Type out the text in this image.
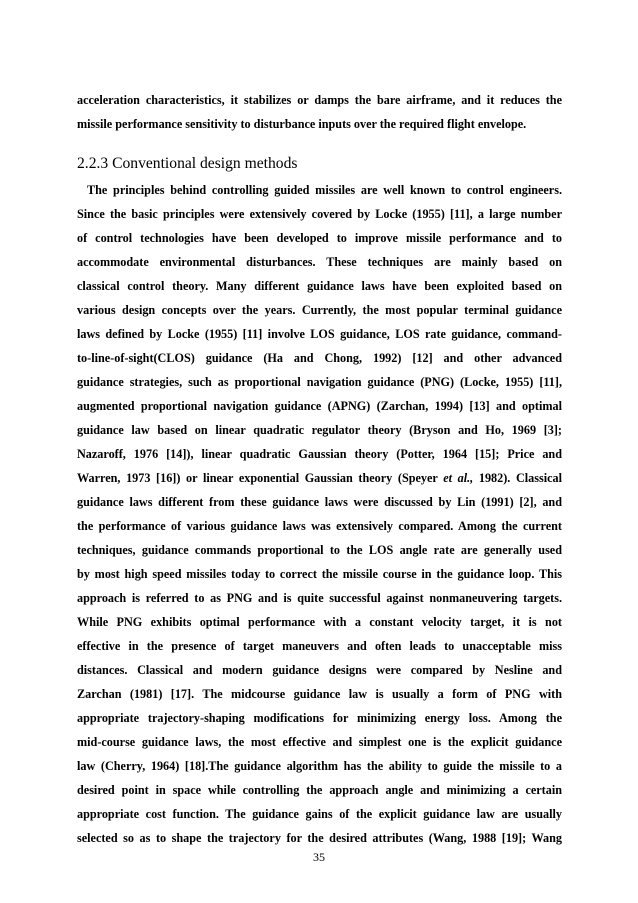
acceleration characteristics, it stabilizes or damps the bare airframe, and it reduces the
missile performance sensitivity to disturbance inputs over the required flight envelope.
2.2.3 Conventional design methods
The principles behind controlling guided missiles are well known to control engineers.
Since the basic principles were extensively covered by Locke (1955) [11], a large number
of control technologies have been developed to improve missile performance and to
accommodate environmental disturbances. These techniques are mainly based on
classical control theory. Many different guidance laws have been exploited based on
various design concepts over the years. Currently, the most popular terminal guidance
laws defined by Locke (1955) [11] involve LOS guidance, LOS rate guidance, command-
to-line-of-sight(CLOS) guidance (Ha and Chong, 1992) [12] and other advanced
guidance strategies, such as proportional navigation guidance (PNG) (Locke, 1955) [11],
augmented proportional navigation guidance (APNG) (Zarchan, 1994) [13] and optimal
guidance law based on linear quadratic regulator theory (Bryson and Ho, 1969 [3];
Nazaroff, 1976 [14]), linear quadratic Gaussian theory (Potter, 1964 [15]; Price and
Warren, 1973 [16]) or linear exponential Gaussian theory (Speyer et al., 1982). Classical
guidance laws different from these guidance laws were discussed by Lin (1991) [2], and
the performance of various guidance laws was extensively compared. Among the current
techniques, guidance commands proportional to the LOS angle rate are generally used
by most high speed missiles today to correct the missile course in the guidance loop. This
approach is referred to as PNG and is quite successful against nonmaneuvering targets.
While PNG exhibits optimal performance with a constant velocity target, it is not
effective in the presence of target maneuvers and often leads to unacceptable miss
distances. Classical and modern guidance designs were compared by Nesline and
Zarchan (1981) [17]. The midcourse guidance law is usually a form of PNG with
appropriate trajectory-shaping modifications for minimizing energy loss. Among the
mid-course guidance laws, the most effective and simplest one is the explicit guidance
law (Cherry, 1964) [18].The guidance algorithm has the ability to guide the missile to a
desired point in space while controlling the approach angle and minimizing a certain
appropriate cost function. The guidance gains of the explicit guidance law are usually
selected so as to shape the trajectory for the desired attributes (Wang, 1988 [19]; Wang
35
